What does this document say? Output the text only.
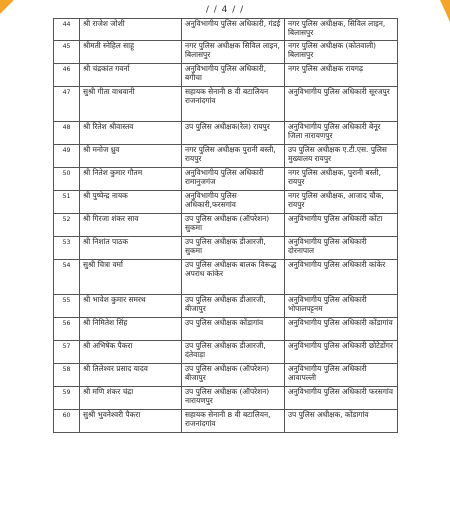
/ / 4 / /
44	श्री राजेश जोशी	अनुविभागीय पुलिस अधिकारी, गंडई	नगर पुलिस अधीक्षक, सिविल लाइन, बिलासपुर
45	श्रीमती स्नेहिल साहू	नगर पुलिस अधीक्षक सिविल लाइन, बिलासपुर	नगर पुलिस अधीक्षक (कोतवाली) बिलासपुर
46	श्री चंद्रकांत गवर्ना	अनुविभागीय पुलिस अधिकारी, बगीचा	नगर पुलिस अधीक्षक रायगढ़
47	सुश्री गीता वाधवानी	सहायक सेनानी 8 वी बटालियन राजनांदगांव	अनुविभागीय पुलिस अधिकारी सूरजपुर
48	श्री रितेश श्रीवास्तव	उप पुलिस अधीक्षक(रेल) रायपुर	अनुविभागीय पुलिस अधिकारी बेनूर जिला नारायणपुर
49	श्री मनोज ध्रुव	नगर पुलिस अधीक्षक पुरानी बस्ती, रायपुर	उप पुलिस अधीक्षक ए.टी.एस. पुलिस मुख्यालय रायपुर
50	श्री नितेश कुमार गौतम	अनुविभागीय पुलिस अधिकारी रामानुजगंज	नगर पुलिस अधीक्षक, पुरानी बस्ती, रायपुर
51	श्री पुष्पेन्द्र नायक	अनुविभागीय पुलिस अधिकारी,फरसगांव	नगर पुलिस अधीक्षक, आजाद चौक, रायपुर
52	श्री गिरजा शंकर साव	उप पुलिस अधीक्षक (ऑपरेशन) सुकमा	अनुविभागीय पुलिस अधिकारी कोंटा
53	श्री निशांत पाठक	उप पुलिस अधीक्षक डीआरजी, सुकमा	अनुविभागीय पुलिस अधिकारी दोरनापाल
54	सुश्री चित्रा वर्मा	उप पुलिस अधीक्षक बालक विरूद्ध अपराध कांकेर	अनुविभागीय पुलिस अधिकारी कांकेर
55	श्री भावेश कुमार समरथ	उप पुलिस अधीक्षक डीआरजी, बीजापुर	अनुविभागीय पुलिस अधिकारी भोपालपट्टनम
56	श्री निमितेश सिंह	उप पुलिस अधीक्षक कोंडागांव	अनुविभागीय पुलिस अधिकारी कोंडागांव
57	श्री अभिषेक पैकरा	उप पुलिस अधीक्षक डीआरजी, दंतेवाड़ा	अनुविभागीय पुलिस अधिकारी छोटेडोंगर
58	श्री तिलेश्वर प्रसाद यादव	उप पुलिस अधीक्षक (ऑपरेशन) बीजापुर	अनुविभागीय पुलिस अधिकारी आवापल्ली
59	श्री मणि शंकर चंद्रा	उप पुलिस अधीक्षक (ऑपरेशन) नारायणपुर	अनुविभागीय पुलिस अधिकारी फरसगांव
60	सुश्री भुवनेश्वरी पैकरा	सहायक सेनानी 8 वी बटालियन, राजनांदगांव	उप पुलिस अधीक्षक, कोंडागांव
